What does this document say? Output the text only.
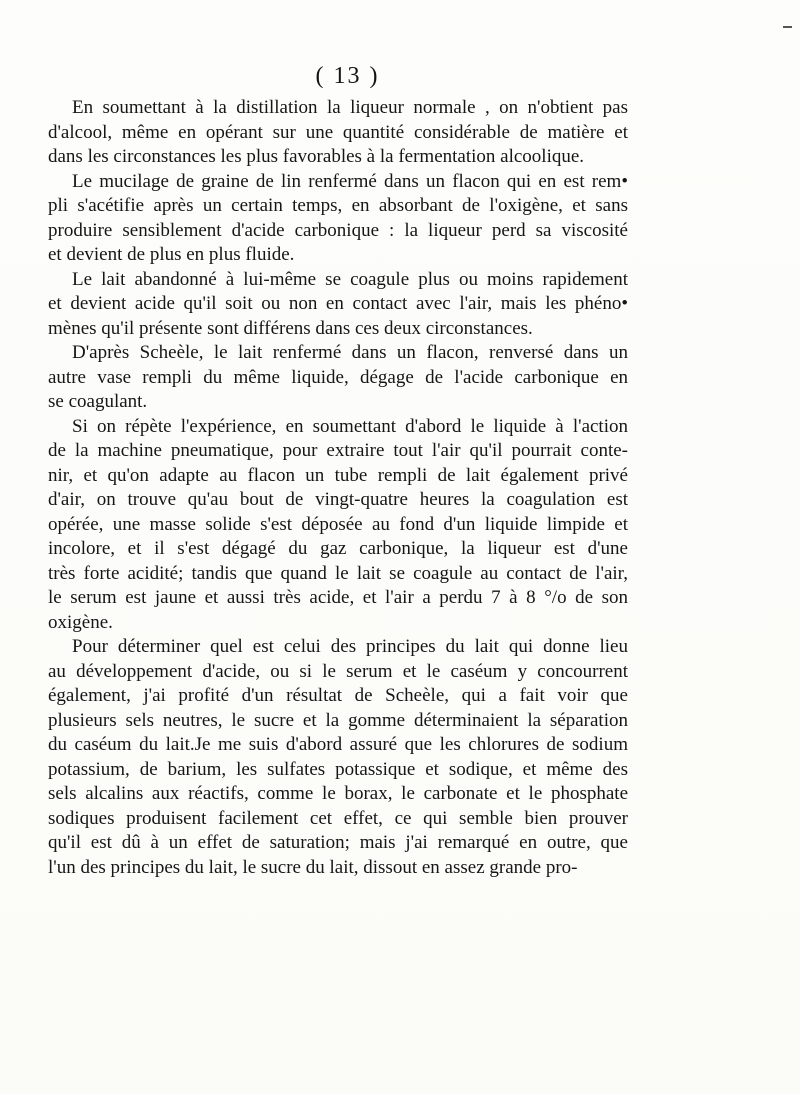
( 13 )
En soumettant à la distillation la liqueur normale , on n'obtient pas
d'alcool, même en opérant sur une quantité considérable de matière et
dans les circonstances les plus favorables à la fermentation alcoolique.
Le mucilage de graine de lin renfermé dans un flacon qui en est rem•
pli s'acétifie après un certain temps, en absorbant de l'oxigène, et sans
produire sensiblement d'acide carbonique : la liqueur perd sa viscosité
et devient de plus en plus fluide.
Le lait abandonné à lui-même se coagule plus ou moins rapidement
et devient acide qu'il soit ou non en contact avec l'air, mais les phéno•
mènes qu'il présente sont différens dans ces deux circonstances.
D'après Scheèle, le lait renfermé dans un flacon, renversé dans un
autre vase rempli du même liquide, dégage de l'acide carbonique en
se coagulant.
Si on répète l'expérience, en soumettant d'abord le liquide à l'action
de la machine pneumatique, pour extraire tout l'air qu'il pourrait conte-
nir, et qu'on adapte au flacon un tube rempli de lait également privé
d'air, on trouve qu'au bout de vingt-quatre heures la coagulation est
opérée, une masse solide s'est déposée au fond d'un liquide limpide et
incolore, et il s'est dégagé du gaz carbonique, la liqueur est d'une
très forte acidité; tandis que quand le lait se coagule au contact de l'air,
le serum est jaune et aussi très acide, et l'air a perdu 7 à 8 °/o de son
oxigène.
Pour déterminer quel est celui des principes du lait qui donne lieu
au développement d'acide, ou si le serum et le caséum y concourrent
également, j'ai profité d'un résultat de Scheèle, qui a fait voir que
plusieurs sels neutres, le sucre et la gomme déterminaient la séparation
du caséum du lait.Je me suis d'abord assuré que les chlorures de sodium
potassium, de barium, les sulfates potassique et sodique, et même des
sels alcalins aux réactifs, comme le borax, le carbonate et le phosphate
sodiques produisent facilement cet effet, ce qui semble bien prouver
qu'il est dû à un effet de saturation; mais j'ai remarqué en outre, que
l'un des principes du lait, le sucre du lait, dissout en assez grande pro-
